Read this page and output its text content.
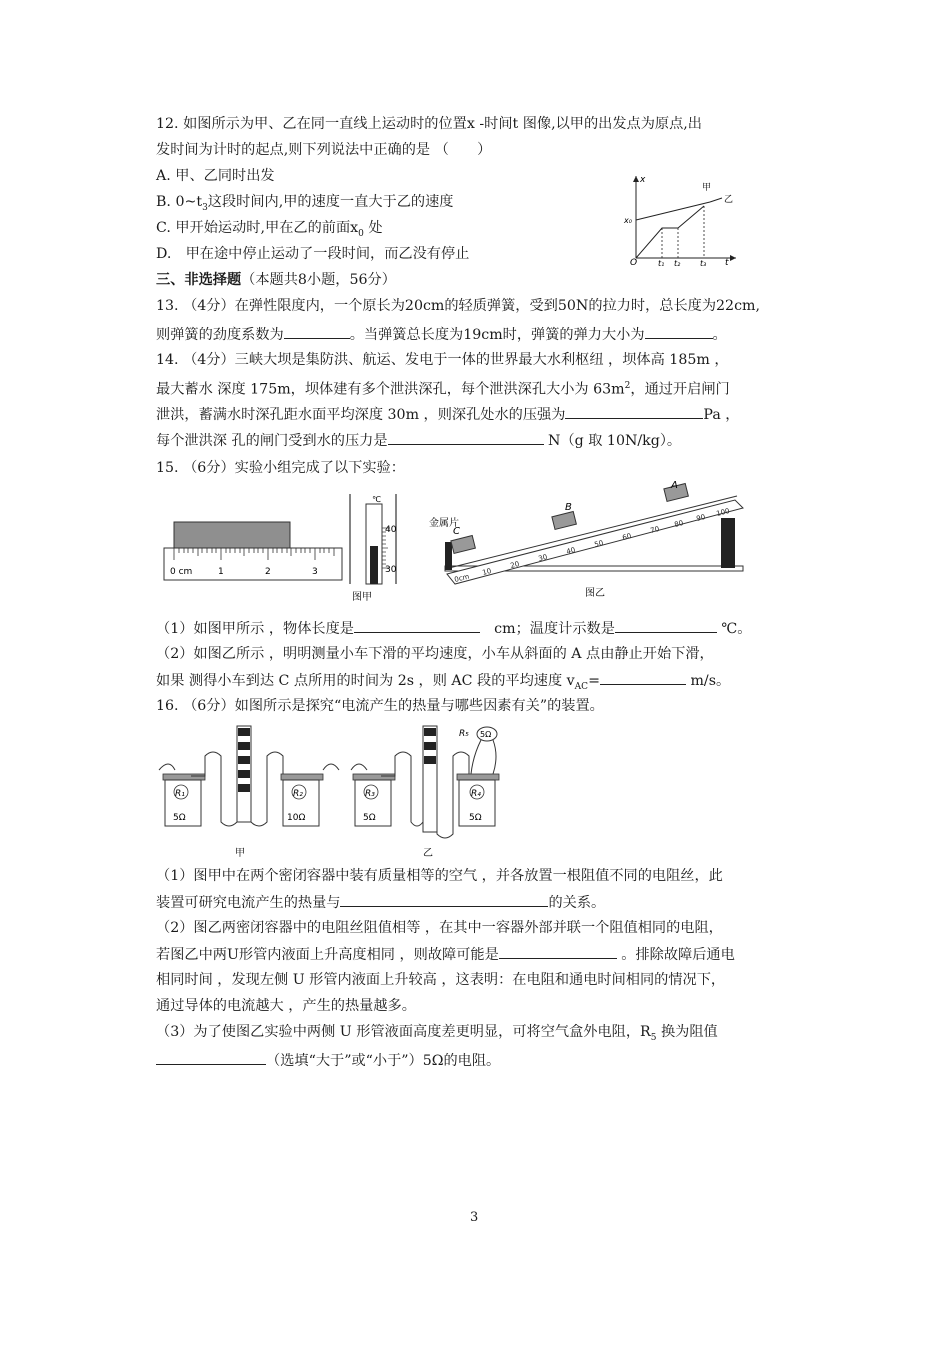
12. 如图所示为甲、乙在同一直线上运动时的位置x -时间t 图像,以甲的出发点为原点,出
发时间为计时的起点,则下列说法中正确的是 （　　）
A. 甲、乙同时出发
B. $0\sim t_3$这段时间内,甲的速度一直大于乙的速度
C. 甲开始运动时,甲在乙的前面$x_0$ 处
D.　甲在途中停止运动了一段时间，而乙没有停止
x
t
O
x₀
t₁ t₂ t₃
甲
乙
三、非选择题（本题共8小题，56分）
13. （4分）在弹性限度内，一个原长为20cm的轻质弹簧，受到50N的拉力时，总长度为22cm,
则弹簧的劲度系数为	。当弹簧总长度为19cm时，弹簧的弹力大小为	。
14. （4分）三峡大坝是集防洪、航运、发电于一体的世界最大水利枢纽 ，坝体高 185m ，
最大蓄水 深度 175m，坝体建有多个泄洪深孔，每个泄洪深孔大小为 $63m^2$，通过开启闸门
泄洪，蓄满水时深孔距水面平均深度 30m ，则深孔处水的压强为	Pa ，
每个泄洪深 孔的闸门受到水的压力是	N（g 取 10N/kg）。
15. （6分）实验小组完成了以下实验：
0 cm	1	2	3
℃
40
30
图甲
金属片
A
B
C
0cm
10
20
30
40
50
60
70
80
90
100
图乙
（1）如图甲所示 ，物体长度是	　cm；温度计示数是	℃。
（2）如图乙所示 ，明明测量小车下滑的平均速度，小车从斜面的 A 点由静止开始下滑，
如果 测得小车到达 C 点所用的时间为 2s ，则 AC 段的平均速度 $v_{AC}=$	m/s。
16. （6分）如图所示是探究“电流产生的热量与哪些因素有关”的装置。
R₁
5Ω
R₂
10Ω
甲
R₃
5Ω
R₄
5Ω
R₅ 5Ω
乙
（1）图甲中在两个密闭容器中装有质量相等的空气 ，并各放置一根阻值不同的电阻丝，此
装置可研究电流产生的热量与	的关系。
（2）图乙两密闭容器中的电阻丝阻值相等 ，在其中一容器外部并联一个阻值相同的电阻，
若图乙中两U形管内液面上升高度相同 ，则故障可能是	。排除故障后通电
相同时间 ，发现左侧 U 形管内液面上升较高 ，这表明：在电阻和通电时间相同的情况下，
通过导体的电流越大 ，产生的热量越多。
（3）为了使图乙实验中两侧 U 形管液面高度差更明显，可将空气盒外电阻，$R_5$ 换为阻值
（选填“大于”或“小于”）5Ω的电阻。
3
